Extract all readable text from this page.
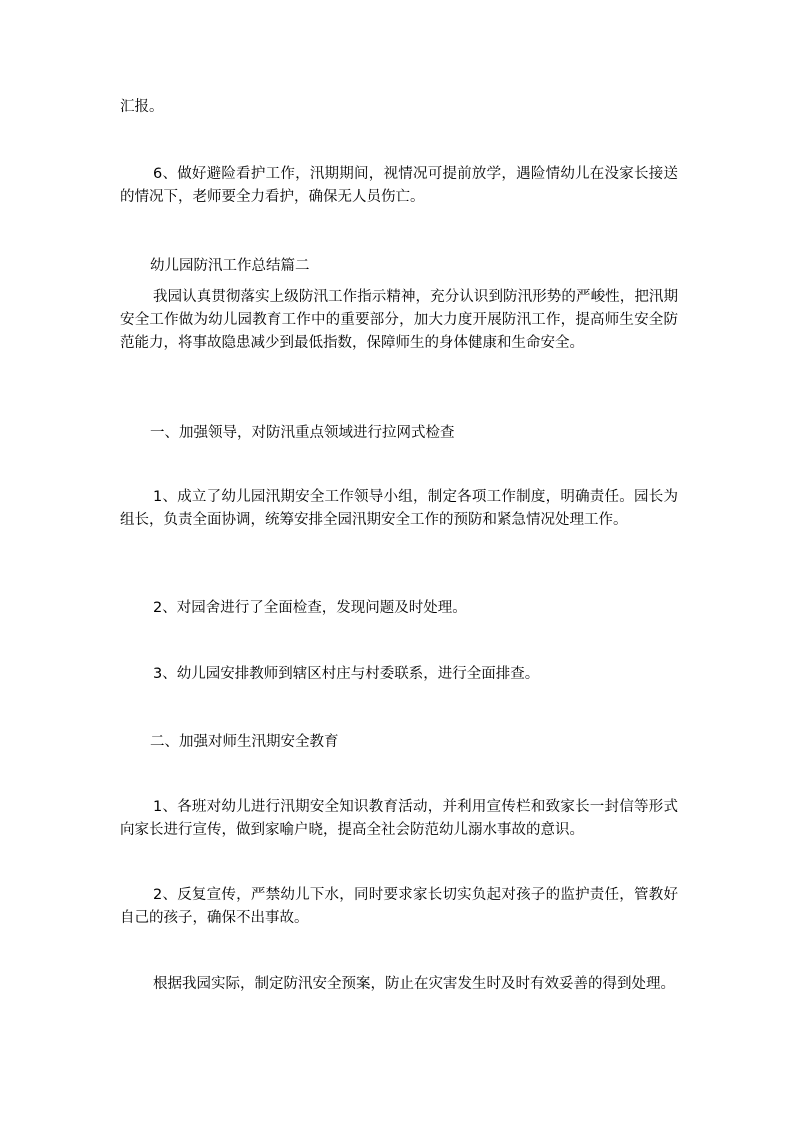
汇报。

6、做好避险看护工作，汛期期间，视情况可提前放学，遇险情幼儿在没家长接送的情况下，老师要全力看护，确保无人员伤亡。

幼儿园防汛工作总结篇二

我园认真贯彻落实上级防汛工作指示精神，充分认识到防汛形势的严峻性，把汛期安全工作做为幼儿园教育工作中的重要部分，加大力度开展防汛工作，提高师生安全防范能力，将事故隐患减少到最低指数，保障师生的身体健康和生命安全。

一、加强领导，对防汛重点领域进行拉网式检查

1、成立了幼儿园汛期安全工作领导小组，制定各项工作制度，明确责任。园长为组长，负责全面协调，统筹安排全园汛期安全工作的预防和紧急情况处理工作。

2、对园舍进行了全面检查，发现问题及时处理。

3、幼儿园安排教师到辖区村庄与村委联系，进行全面排查。

二、加强对师生汛期安全教育

1、各班对幼儿进行汛期安全知识教育活动，并利用宣传栏和致家长一封信等形式向家长进行宣传，做到家喻户晓，提高全社会防范幼儿溺水事故的意识。

2、反复宣传，严禁幼儿下水，同时要求家长切实负起对孩子的监护责任，管教好自己的孩子，确保不出事故。

根据我园实际，制定防汛安全预案，防止在灾害发生时及时有效妥善的得到处理。
